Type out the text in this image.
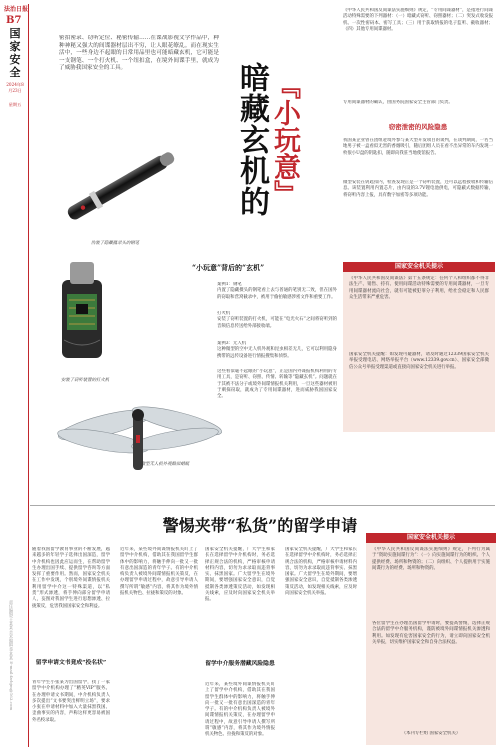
法治日报
B7
国家安全
2024年8月23日
星期五
责任编辑/王某某 美术编辑/李某某 E-mail:fzrbjm@163.com
密拍密录、窃听定位、秘密传输……在谍战影视文学作品中，种种神秘又强大的间谍器材层出不穷，让人眼花缭乱。而在现实生活中，一些身边不起眼的日常用品里也可能暗藏玄机，它可能是一支钢笔、一个打火机、一个纽扣盒，在境外间谍手里，就成为了威胁我国家安全的工具。	暗藏玄机的 『小玩意』
伪装了隐藏摄录头的钢笔
安装了窃听装置的打火机
微型无人机外观酷似蜻蜓
“小玩意”背后的“玄机”
案例1：钢笔
内置了隐藏摄头的钢笔看上去与普通的笔别无二致，但在国外的窃取和营窝截录中，被用于偷拍敏感涉密文件和重要工作。
打火机
安装了窃听装置的打火机，可能在“电光火石”之间将窃听到的音频信息传送给外部接收端。
案例3：无人机
这种微型的空中无人机外观和昆虫相差无几，它可以利用隐身携带的远传设备进行情报搜集和侦察。
这些看似毫不起眼的“小玩意”，正是国内外谍报机构利用的专用工具，是窃听、窃照、传情、转输等“隐藏玄机”。问题就在于其被不法分子或境外间谍情报机关利用，一旦这些器材被用于刺探窃取，就成为了专用间谍器材，进而威胁我国国家安全。
《中华人民共和国反间谍法实施细则》规定，“专用间谍器材”，是指进行间谍活动特殊需要的下列器材：（一）暗藏式窃听、窃照器材；（二）突发式收发报机、一次性密码本、密写工具；（三）用于获取情报的电子监听、截收器材；（四）其他专用间谍器材。
专用间谍器材的确认，由国务院国家安全主管部门负责。
窃密泄密的风险隐患
我国某企业曾在团组赴境外参与某大型开发项目的谈判，在谈判期间，一名当地男子被一盒看似无害的香烟吸引，随后团组人员在看不出异常的车内发现一枚很小U盘的钥匙扣，随即向我驻当地使馆报告。
微型安装在钥匙扣内，检查发现正是一个窃听装置，还可以远程接收和传输信息。该装置利用内置芯片，由内设的3.7V锂电池供电，可隐蔽式数据传输，将窃听内容上报，具有数字加密等多项功能。
国家安全机关提示
《中华人民共和国反间谍法》第十五条规定：任何个人和组织都不得非法生产、销售、持有、使用间谍活动特殊需要的专用间谍器材，一旦专用间谍器材流向社会，就有可能被犯罪分子利用，给社会稳定和人民群众生活带来严重危害。
国家安全机关提醒：如发现可疑器材，请及时通过12339国家安全机关举报受理电话、网络举报平台（www.12339.gov.cn）、国家安全部微信公众号举报受理渠道或直接向国家安全机关进行举报。
警惕夹带“私货”的留学申请
随着我国留学教育事业的不断发展，越来越多的年轻学子选择出国深造，留学中介机构也因此应运而生，在帮助留学生办理出国手续、提供留学咨询等方面发挥了重要作用。然而，国家安全机关在工作中发现，个别境外间谍情报机关利用留学中介这一特殊渠道，以“私货”形式渗透，将手伸向部分留学申请人，妄图对我国学生进行思想渗透、拉拢策反，危害我国国家安全和利益。
留学申请文书竟成“投名状”
青年学生小张某为出国留学，找了一家留学中介机构办理了“精英VIP”服务。在办理申请文书期间，中介机构负责人多次提出“文书要突出鲜明立场”，要求小张在申请材料中加入大量抹黑我国、歪曲事实的内容，声称这样更容易被国外名校录取。
近年来，某些境外间谍情报机关盯上了留学中介机构，借助其在我国留学生群体中的影响力，将触手伸向一批又一批有意出国深造的青年学子。有的中介机构负责人被境外间谍情报机关策反，在办理留学申请过程中，故意引导申请人撰写所谓“敏感”内容，将其作为境外情报机关物色、拉拢和策反的对象。
留学中介服务潜藏风险隐患
近年来，某些境外间谍情报机关盯上了留学中介机构，借助其在我国留学生群体中的影响力，将触手伸向一批又一批有意出国深造的青年学子。有的中介机构负责人被境外间谍情报机关策反，在办理留学申请过程中，故意引导申请人撰写所谓“敏感”内容，将其作为境外情报机关物色、拉拢和策反的对象。
国家安全机关提醒，广大学生和家长在选择留学中介机构时，务必选择正规合法的机构，严格审核申请材料内容，切勿为求录取而违背事实、抹黑国家。广大留学生在境外期间，要增强国家安全意识，自觉抵制各类渗透策反活动，如发现相关线索，应及时向国家安全机关举报。
国家安全机关提醒，广大学生和家长在选择留学中介机构时，务必选择正规合法的机构，严格审核申请材料内容，切勿为求录取而违背事实、抹黑国家。广大留学生在境外期间，要增强国家安全意识，自觉抵制各类渗透策反活动，如发现相关线索，应及时向国家安全机关举报。
国家安全机关提示
《中华人民共和国反间谍法实施细则》规定，下列行为属于“资助实施间谍行为”：（一）向实施间谍行为的组织、个人提供经费、场所和物资的；（二）向组织、个人提供用于实施间谍行为的经费、场所和物资的。
各位留学生在办理出国留学申请时，要提高警惕，选择正规合法的留学中介服务机构，谨防被境外间谍情报机关渗透和利用。如发现有危害国家安全的行为，请立即向国家安全机关举报，切实维护国家安全和自身合法权益。
（本刊专栏组 国家安全机关）
